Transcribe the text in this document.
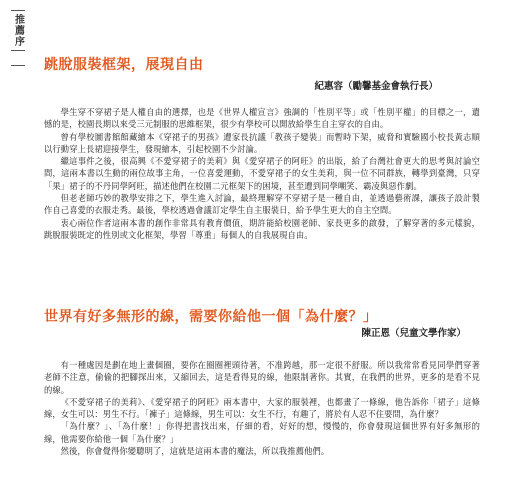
推薦序
跳脫服裝框架，展現自由
紀惠容（勵馨基金會執行長）

學生穿不穿裙子是人權自由的選擇，也是《世界人權宣言》強調的「性別平等」或「性別平權」的目標之一，遺憾的是，校園長期以來受三元制服的思維框架，很少有學校可以開放給學生自主穿衣的自由。

曾有學校圖書館館藏繪本《穿裙子的男孩》遭家長抗議「教孩子變裝」而暫時下架，威脅和實驗國小校長黃志順以行動穿上長裙迎接學生，發現繪本，引起校園不少討論。

繼這事件之後，很高興《不愛穿裙子的美莉》與《愛穿裙子的阿旺》的出版，給了台灣社會更大的思考與討論空間，這兩本書以生動的兩位故事主角，一位喜愛運動，不愛穿裙子的女生美莉，與一位不同群族，轉學到臺灣，只穿「果」裙子的不丹同學阿旺，描述他們在校園二元框架下的困境，甚至遭到同學嘲笑、霸凌與惡作劇。

但老老師巧妙的教學安排之下，學生進入討論，最終理解穿不穿裙子是一種自由，並透過藝術課，讓孩子設計製作自己喜愛的衣服走秀。最後，學校透過會議訂定學生自主服裝日，給予學生更大的自主空間。

衷心兩位作者這兩本書的創作非常具有教育價值，期許能給校園老師、家長更多的啟發，了解穿著的多元樣貌，跳脫服裝既定的性別或文化框架，學習「尊重」每個人的自我展現自由。

世界有好多無形的線，需要你給他一個「為什麼？」
陳正恩（兒童文學作家）

有一種處因是劃在地上畫個圈，要你在圈圈裡頭待著，不准跨越，那一定很不舒服。所以我常常看見同學們穿著老師不注意，偷偷的把腳探出來，又縮回去，這是看得見的線，他限制著你。其實，在我們的世界，更多的是看不見的線。

《不愛穿裙子的美莉》、《愛穿裙子的阿旺》兩本書中，大家的服裝裡，也都畫了一條線，他告訴你「裙子」這條線，女生可以：男生不行。「褲子」這條線，男生可以：女生不行，有趣了，將於有人忍不住要問，為什麼？

「為什麼？」、「為什麼！」你得把書找出來，仔細的看，好好的想，慢慢的，你會發現這個世界有好多無形的線，他需要你給他一個「為什麼？」

然後，你會覺得你變聰明了，這就是這兩本書的魔法，所以我推薦他們。
